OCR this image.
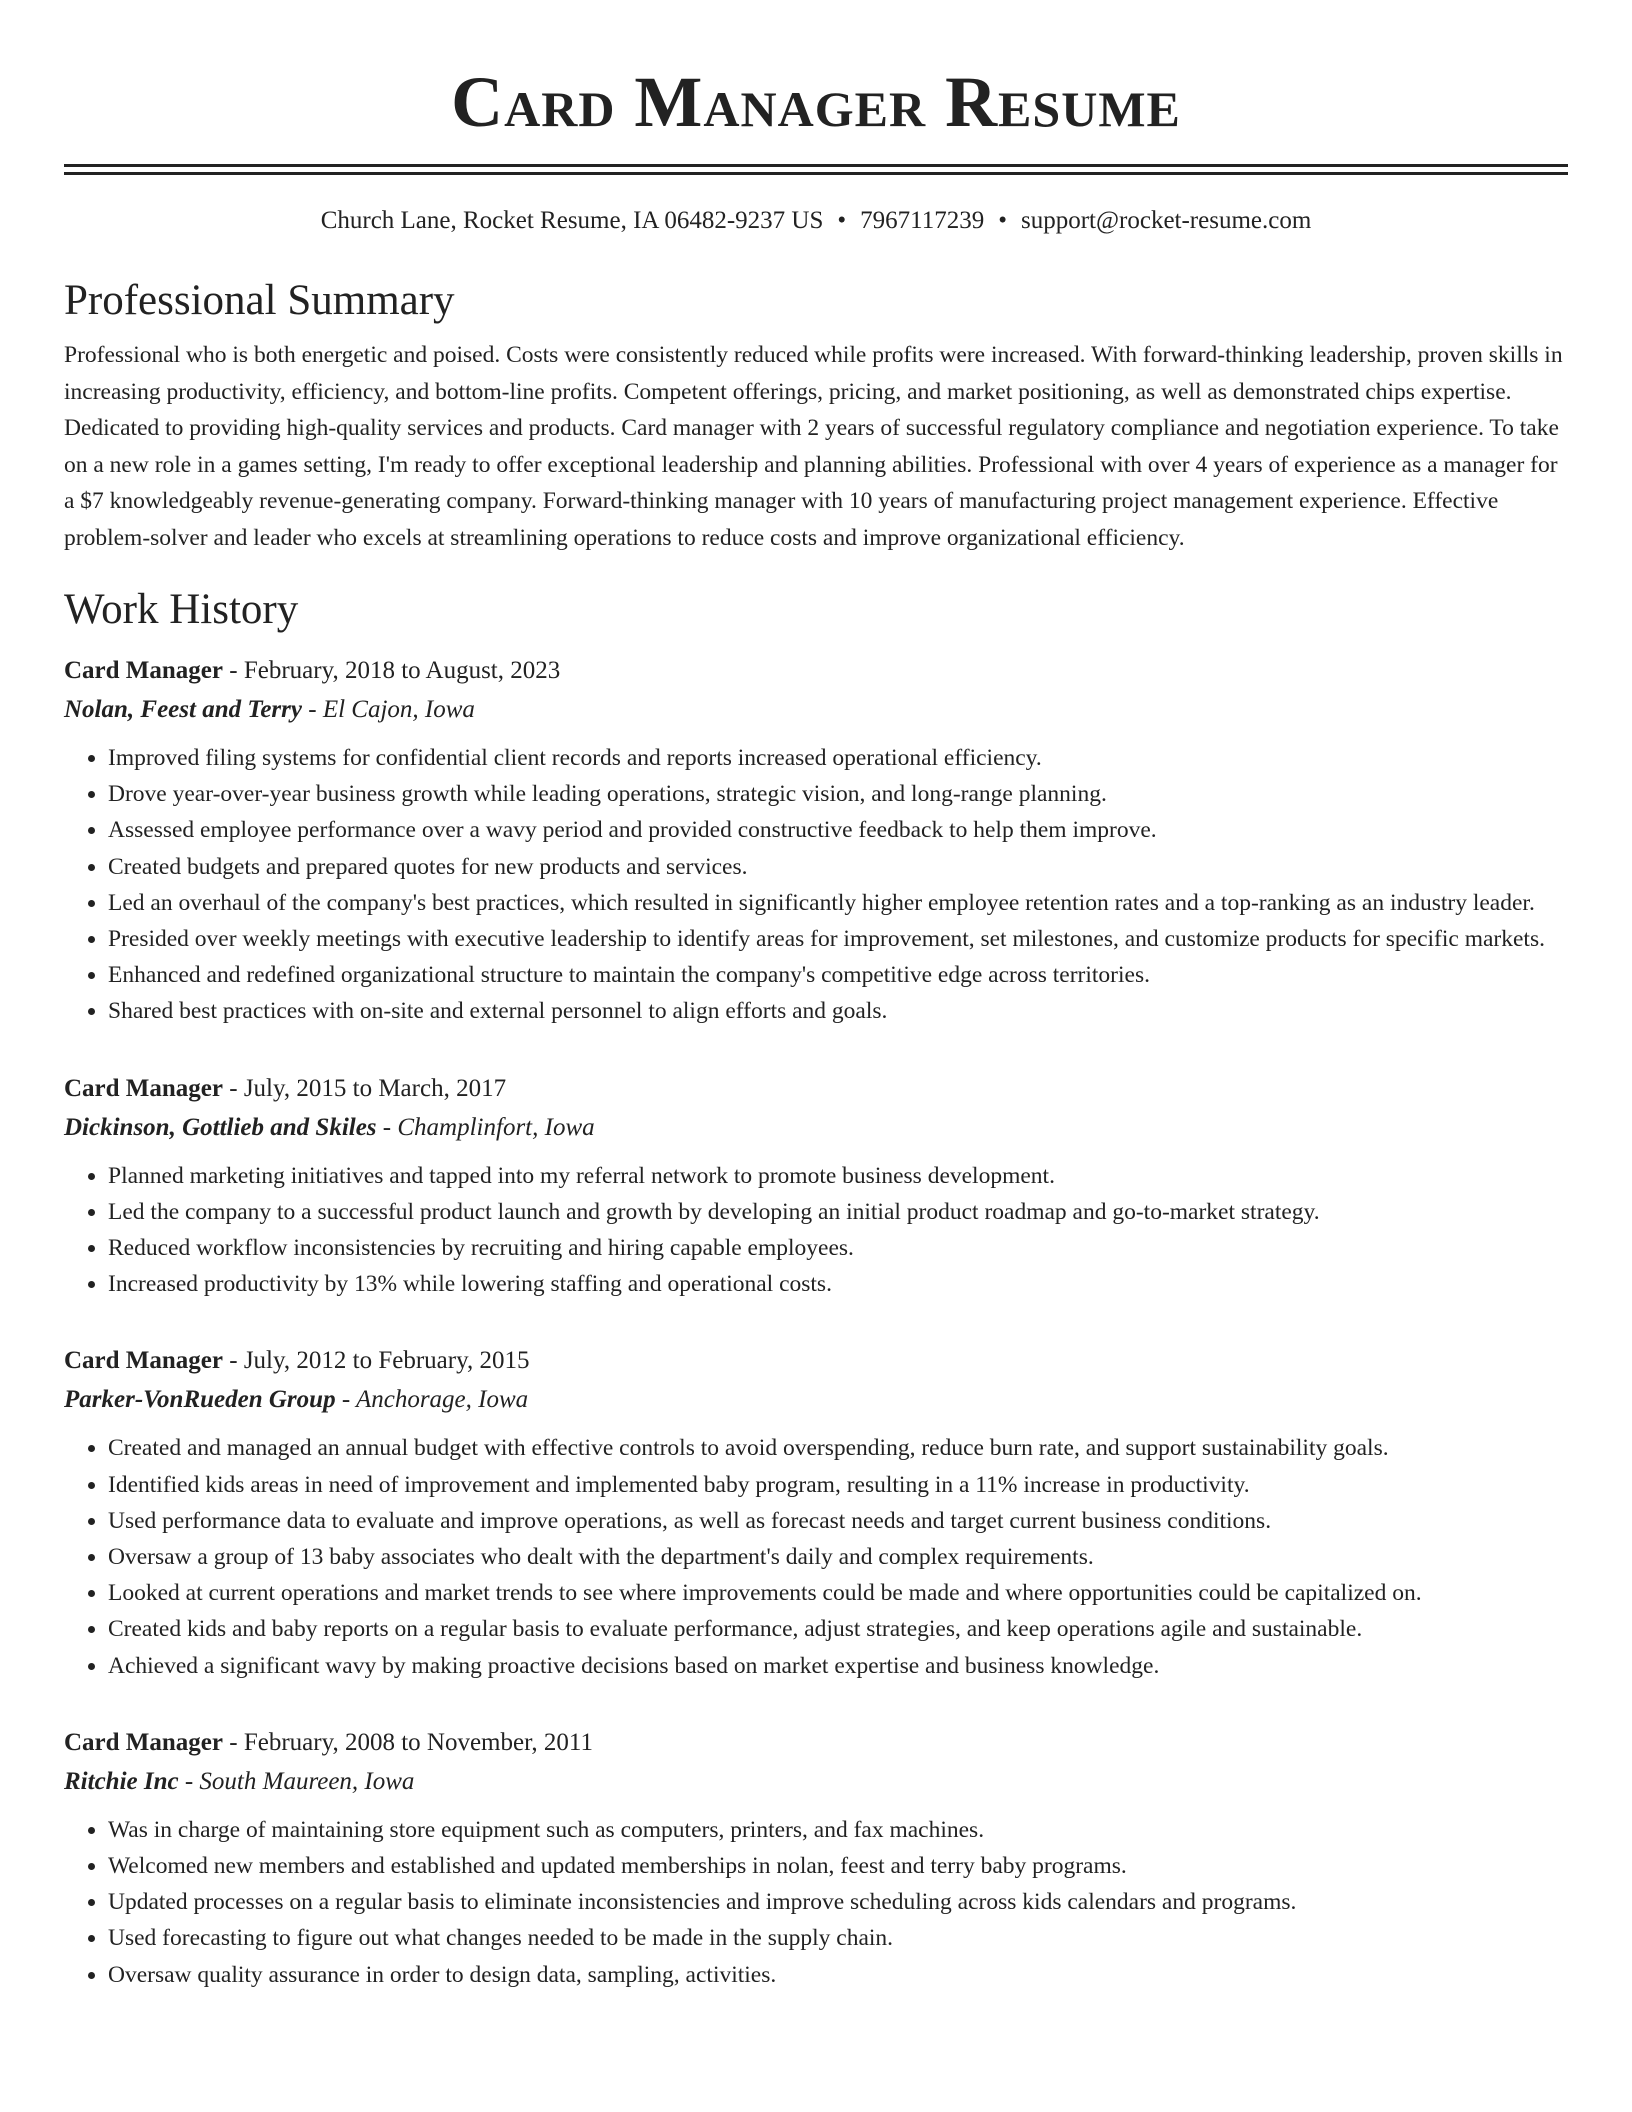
Card Manager Resume
Church Lane, Rocket Resume, IA 06482-9237 US • 7967117239 • support@rocket-resume.com
Professional Summary

Professional who is both energetic and poised. Costs were consistently reduced while profits were increased. With forward-thinking leadership, proven skills in increasing productivity, efficiency, and bottom-line profits. Competent offerings, pricing, and market positioning, as well as demonstrated chips expertise. Dedicated to providing high-quality services and products. Card manager with 2 years of successful regulatory compliance and negotiation experience. To take on a new role in a games setting, I'm ready to offer exceptional leadership and planning abilities. Professional with over 4 years of experience as a manager for a $7 knowledgeably revenue-generating company. Forward-thinking manager with 10 years of manufacturing project management experience. Effective problem-solver and leader who excels at streamlining operations to reduce costs and improve organizational efficiency.

Work History
Card Manager - February, 2018 to August, 2023
Nolan, Feest and Terry - El Cajon, Iowa
• Improved filing systems for confidential client records and reports increased operational efficiency.
• Drove year-over-year business growth while leading operations, strategic vision, and long-range planning.
• Assessed employee performance over a wavy period and provided constructive feedback to help them improve.
• Created budgets and prepared quotes for new products and services.
• Led an overhaul of the company's best practices, which resulted in significantly higher employee retention rates and a top-ranking as an industry leader.
• Presided over weekly meetings with executive leadership to identify areas for improvement, set milestones, and customize products for specific markets.
• Enhanced and redefined organizational structure to maintain the company's competitive edge across territories.
• Shared best practices with on-site and external personnel to align efforts and goals.
Card Manager - July, 2015 to March, 2017
Dickinson, Gottlieb and Skiles - Champlinfort, Iowa
• Planned marketing initiatives and tapped into my referral network to promote business development.
• Led the company to a successful product launch and growth by developing an initial product roadmap and go-to-market strategy.
• Reduced workflow inconsistencies by recruiting and hiring capable employees.
• Increased productivity by 13% while lowering staffing and operational costs.
Card Manager - July, 2012 to February, 2015
Parker-VonRueden Group - Anchorage, Iowa
• Created and managed an annual budget with effective controls to avoid overspending, reduce burn rate, and support sustainability goals.
• Identified kids areas in need of improvement and implemented baby program, resulting in a 11% increase in productivity.
• Used performance data to evaluate and improve operations, as well as forecast needs and target current business conditions.
• Oversaw a group of 13 baby associates who dealt with the department's daily and complex requirements.
• Looked at current operations and market trends to see where improvements could be made and where opportunities could be capitalized on.
• Created kids and baby reports on a regular basis to evaluate performance, adjust strategies, and keep operations agile and sustainable.
• Achieved a significant wavy by making proactive decisions based on market expertise and business knowledge.
Card Manager - February, 2008 to November, 2011
Ritchie Inc - South Maureen, Iowa
• Was in charge of maintaining store equipment such as computers, printers, and fax machines.
• Welcomed new members and established and updated memberships in nolan, feest and terry baby programs.
• Updated processes on a regular basis to eliminate inconsistencies and improve scheduling across kids calendars and programs.
• Used forecasting to figure out what changes needed to be made in the supply chain.
• Oversaw quality assurance in order to design data, sampling, activities.
